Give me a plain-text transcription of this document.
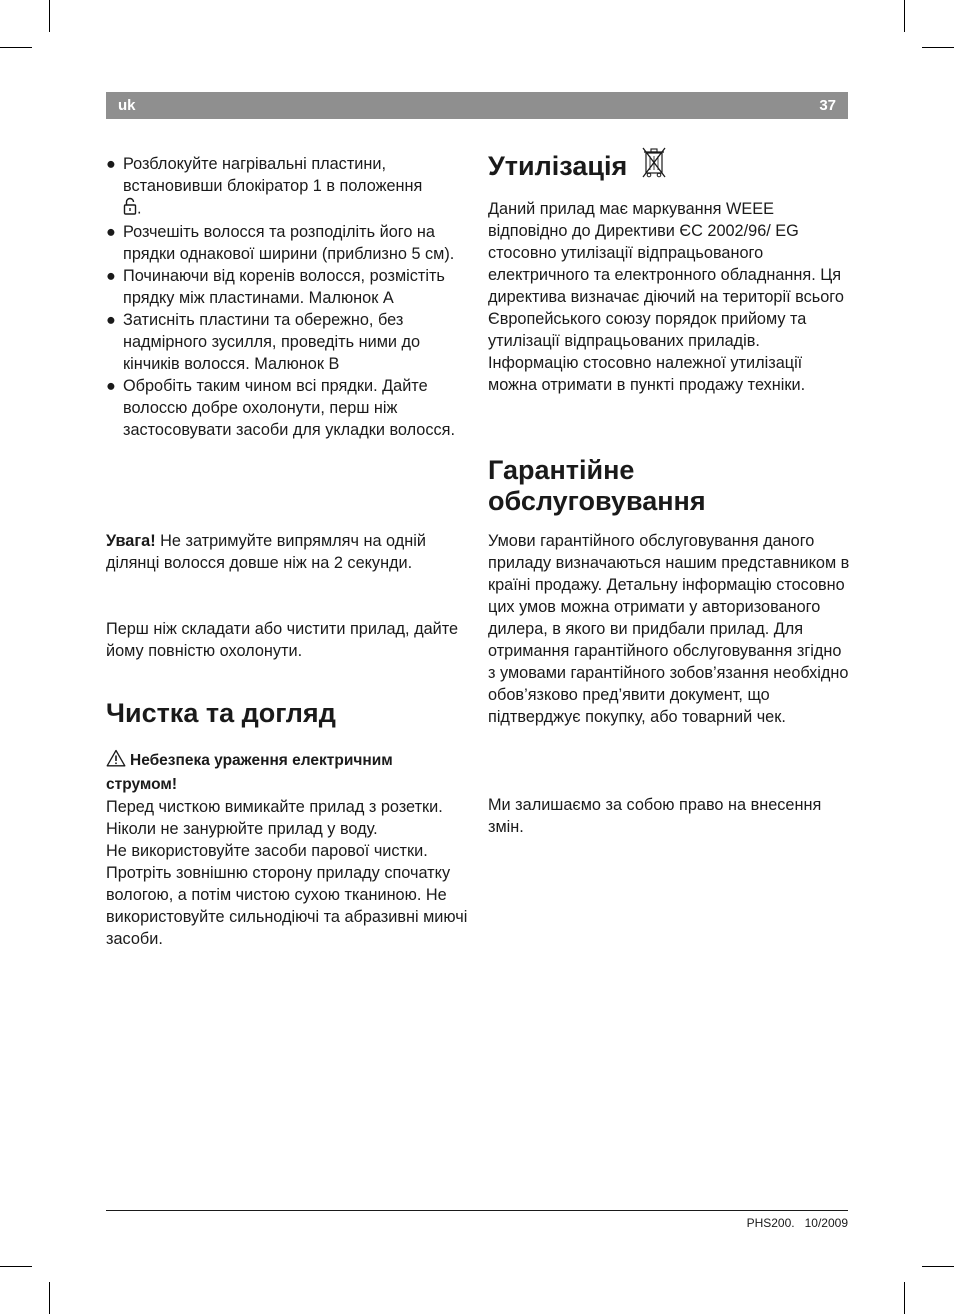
uk	37
● Розблокуйте нагрівальні пластини, встановивши блокіратор 1 в положення
.
● Розчешіть волосся та розподіліть його на прядки однакової ширини (приблизно 5 см).
● Починаючи від коренів волосся, розмістіть прядку між пластинами. Малюнок A
● Затисніть пластини та обережно, без надмірного зусилля, проведіть ними до кінчиків волосся. Малюнок B
● Обробіть таким чином всі прядки. Дайте волоссю добре охолонути, перш ніж застосовувати засоби для укладки волосся.

Увага! Не затримуйте випрямляч на одній ділянці волосся довше ніж на 2 секунди.

Перш ніж складати або чистити прилад, дайте йому повністю охолонути.

Чистка та догляд

Небезпека ураження електричним струмом!

Перед чисткою вимикайте прилад з розетки.

Ніколи не занурюйте прилад у воду.

Не використовуйте засоби парової чистки.

Протріть зовнішню сторону приладу спочатку вологою, а потім чистою сухою тканиною. Не використовуйте сильнодіючі та абразивні миючі засоби.

Утилізація

Даний прилад має маркування WEEE відповідно до Директиви ЄС 2002/96/ EG стосовно утилізації відпрацьованого електричного та електронного обладнання. Ця директива визначає діючий на території всього Європейського союзу порядок прийому та утилізації відпрацьованих приладів.

Інформацію стосовно належної утилізації можна отримати в пункті продажу техніки.

Гарантійне
обслуговування

Умови гарантійного обслуговування даного приладу визначаються нашим представником в країні продажу. Детальну інформацію стосовно цих умов можна отримати у авторизованого дилера, в якого ви придбали прилад. Для отримання гарантійного обслуговування згідно з умовами гарантійного зобов’язання необхідно обов’язково пред’явити документ, що підтверджує покупку, або товарний чек.

Ми залишаємо за собою право на внесення змін.

PHS200. 10/2009
